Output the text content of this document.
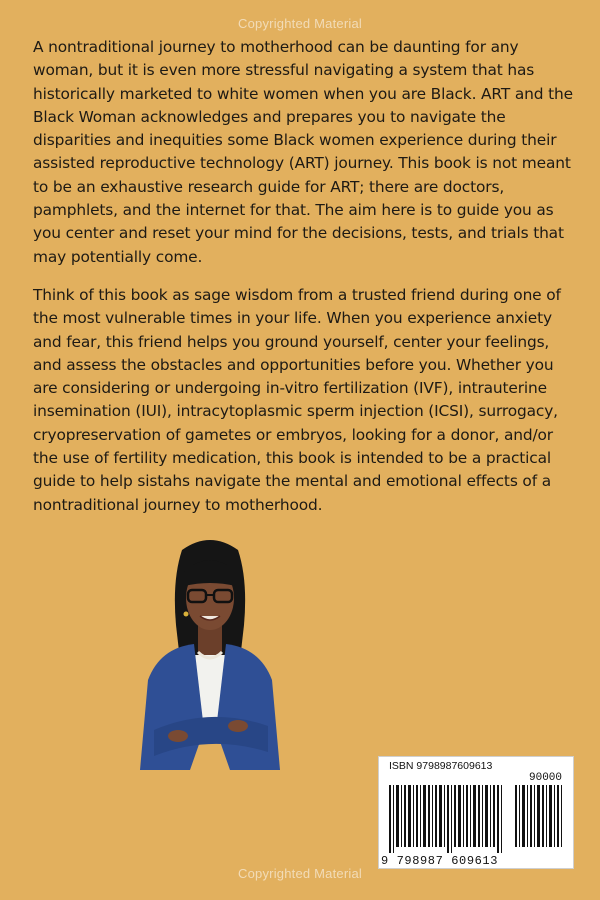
Copyrighted Material

A nontraditional journey to motherhood can be daunting for any woman, but it is even more stressful navigating a system that has historically marketed to white women when you are Black. ART and the Black Woman acknowledges and prepares you to navigate the disparities and inequities some Black women experience during their assisted reproductive technology (ART) journey. This book is not meant to be an exhaustive research guide for ART; there are doctors, pamphlets, and the internet for that. The aim here is to guide you as you center and reset your mind for the decisions, tests, and trials that may potentially come.

Think of this book as sage wisdom from a trusted friend during one of the most vulnerable times in your life. When you experience anxiety and fear, this friend helps you ground yourself, center your feelings, and assess the obstacles and opportunities before you. Whether you are considering or undergoing in-vitro fertilization (IVF), intrauterine insemination (IUI), intracytoplasmic sperm injection (ICSI), surrogacy, cryopreservation of gametes or embryos, looking for a donor, and/or the use of fertility medication, this book is intended to be a practical guide to help sistahs navigate the mental and emotional effects of a nontraditional journey to motherhood.

ISBN 9798987609613
90000
9 798987 609613
Copyrighted Material
